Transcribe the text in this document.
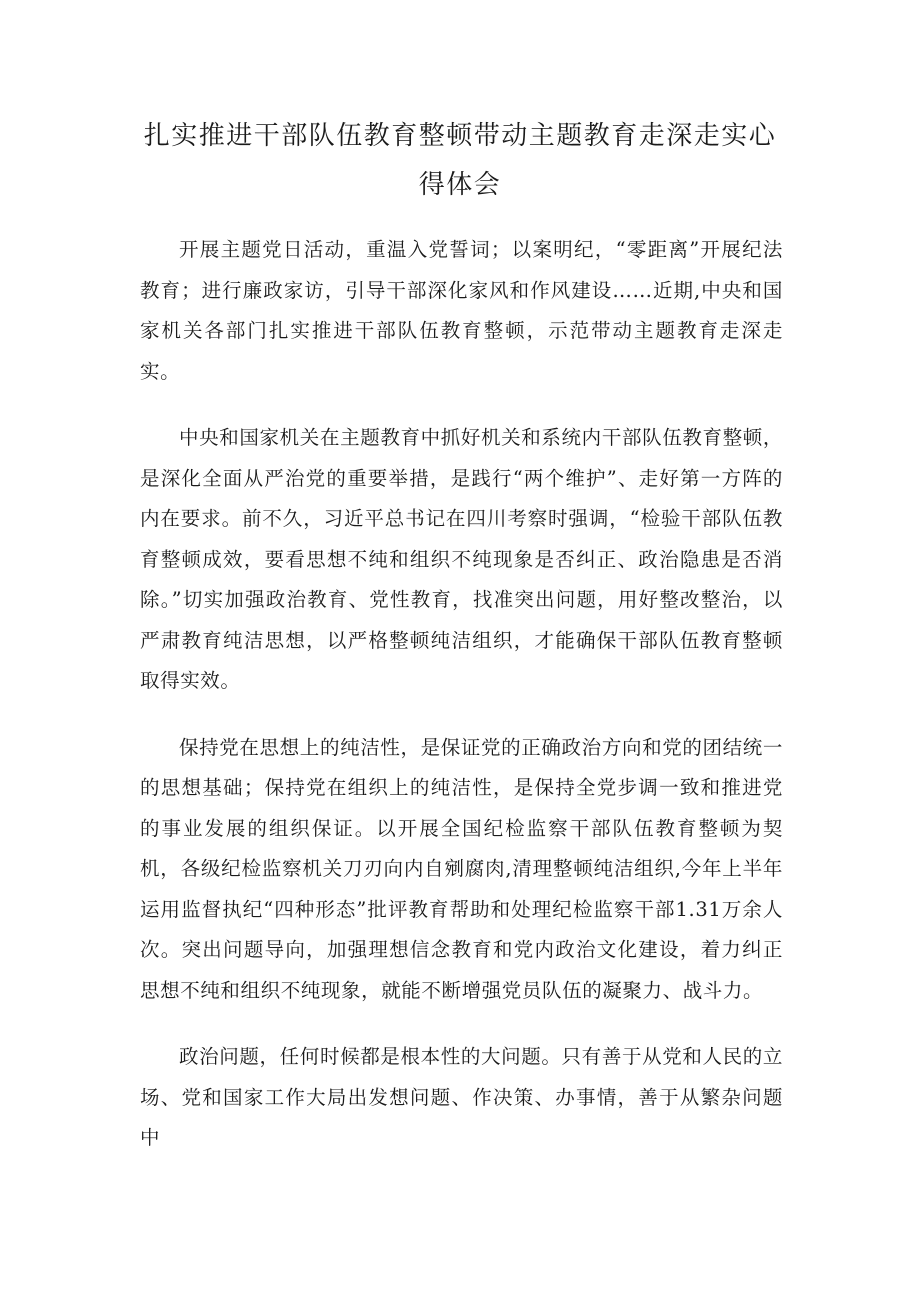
扎实推进干部队伍教育整顿带动主题教育走深走实心得体会

开展主题党日活动，重温入党誓词；以案明纪，“零距离”开展纪法教育；进行廉政家访，引导干部深化家风和作风建设……近期,中央和国家机关各部门扎实推进干部队伍教育整顿，示范带动主题教育走深走实。

中央和国家机关在主题教育中抓好机关和系统内干部队伍教育整顿，是深化全面从严治党的重要举措，是践行“两个维护”、走好第一方阵的内在要求。前不久，习近平总书记在四川考察时强调，“检验干部队伍教育整顿成效，要看思想不纯和组织不纯现象是否纠正、政治隐患是否消除。”切实加强政治教育、党性教育，找准突出问题，用好整改整治，以严肃教育纯洁思想，以严格整顿纯洁组织，才能确保干部队伍教育整顿取得实效。

保持党在思想上的纯洁性，是保证党的正确政治方向和党的团结统一的思想基础；保持党在组织上的纯洁性，是保持全党步调一致和推进党的事业发展的组织保证。以开展全国纪检监察干部队伍教育整顿为契机，各级纪检监察机关刀刃向内自剜腐肉,清理整顿纯洁组织,今年上半年运用监督执纪“四种形态”批评教育帮助和处理纪检监察干部1.31万余人次。突出问题导向，加强理想信念教育和党内政治文化建设，着力纠正思想不纯和组织不纯现象，就能不断增强党员队伍的凝聚力、战斗力。

政治问题，任何时候都是根本性的大问题。只有善于从党和人民的立场、党和国家工作大局出发想问题、作决策、办事情，善于从繁杂问题中
